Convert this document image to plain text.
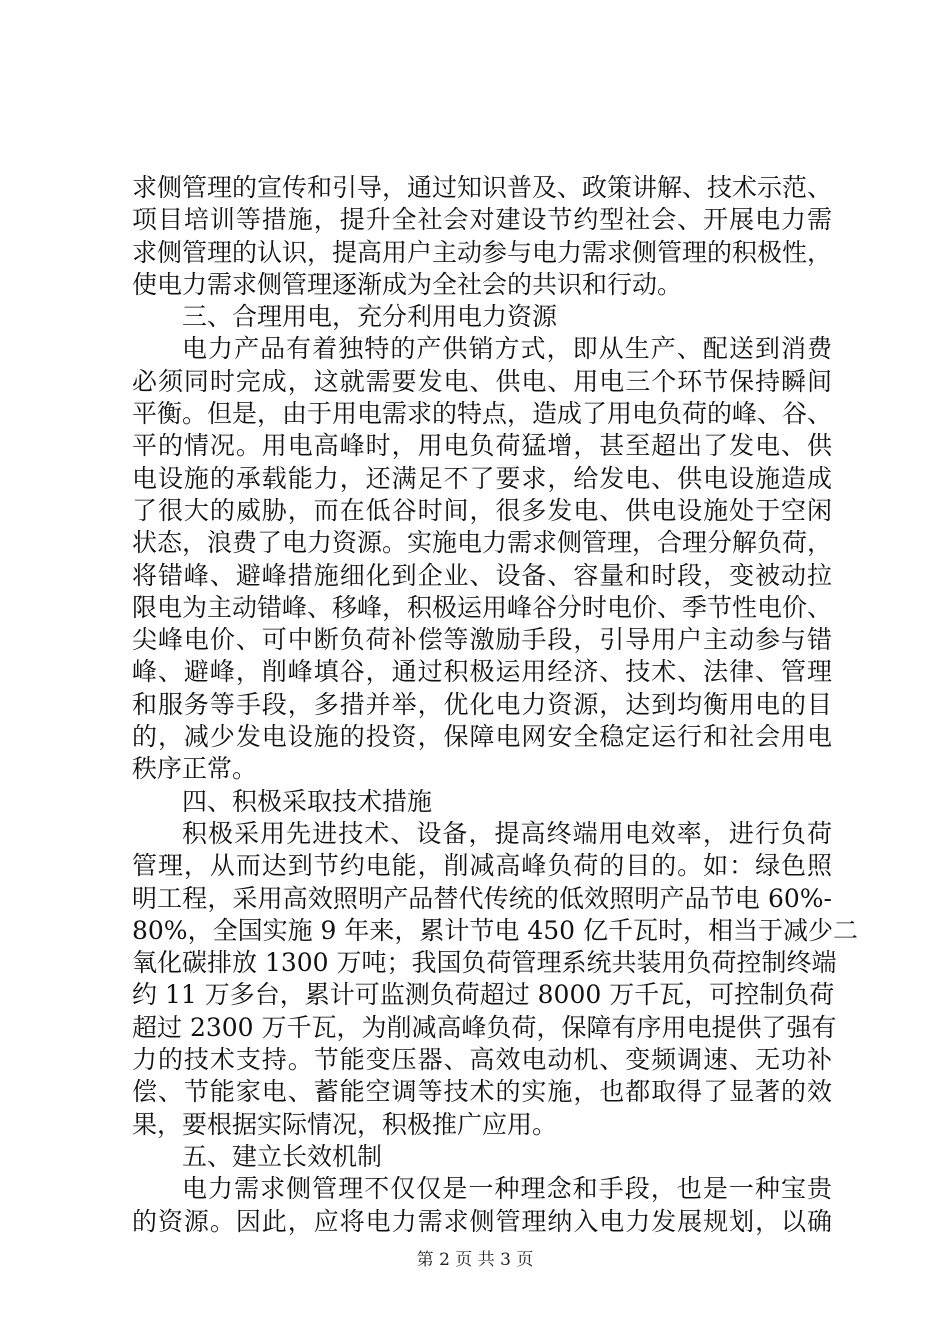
求侧管理的宣传和引导，通过知识普及、政策讲解、技术示范、
项目培训等措施，提升全社会对建设节约型社会、开展电力需
求侧管理的认识，提高用户主动参与电力需求侧管理的积极性，
使电力需求侧管理逐渐成为全社会的共识和行动。
三、合理用电，充分利用电力资源
电力产品有着独特的产供销方式，即从生产、配送到消费
必须同时完成，这就需要发电、供电、用电三个环节保持瞬间
平衡。但是，由于用电需求的特点，造成了用电负荷的峰、谷、
平的情况。用电高峰时，用电负荷猛增，甚至超出了发电、供
电设施的承载能力，还满足不了要求，给发电、供电设施造成
了很大的威胁，而在低谷时间，很多发电、供电设施处于空闲
状态，浪费了电力资源。实施电力需求侧管理，合理分解负荷，
将错峰、避峰措施细化到企业、设备、容量和时段，变被动拉
限电为主动错峰、移峰，积极运用峰谷分时电价、季节性电价、
尖峰电价、可中断负荷补偿等激励手段，引导用户主动参与错
峰、避峰，削峰填谷，通过积极运用经济、技术、法律、管理
和服务等手段，多措并举，优化电力资源，达到均衡用电的目
的，减少发电设施的投资，保障电网安全稳定运行和社会用电
秩序正常。
四、积极采取技术措施
积极采用先进技术、设备，提高终端用电效率，进行负荷
管理，从而达到节约电能，削减高峰负荷的目的。如：绿色照
明工程，采用高效照明产品替代传统的低效照明产品节电 60%-
80%，全国实施 9 年来，累计节电 450 亿千瓦时，相当于减少二
氧化碳排放 1300 万吨；我国负荷管理系统共装用负荷控制终端
约 11 万多台，累计可监测负荷超过 8000 万千瓦，可控制负荷
超过 2300 万千瓦，为削减高峰负荷，保障有序用电提供了强有
力的技术支持。节能变压器、高效电动机、变频调速、无功补
偿、节能家电、蓄能空调等技术的实施，也都取得了显著的效
果，要根据实际情况，积极推广应用。
五、建立长效机制
电力需求侧管理不仅仅是一种理念和手段，也是一种宝贵
的资源。因此，应将电力需求侧管理纳入电力发展规划，以确
第 2 页 共 3 页
